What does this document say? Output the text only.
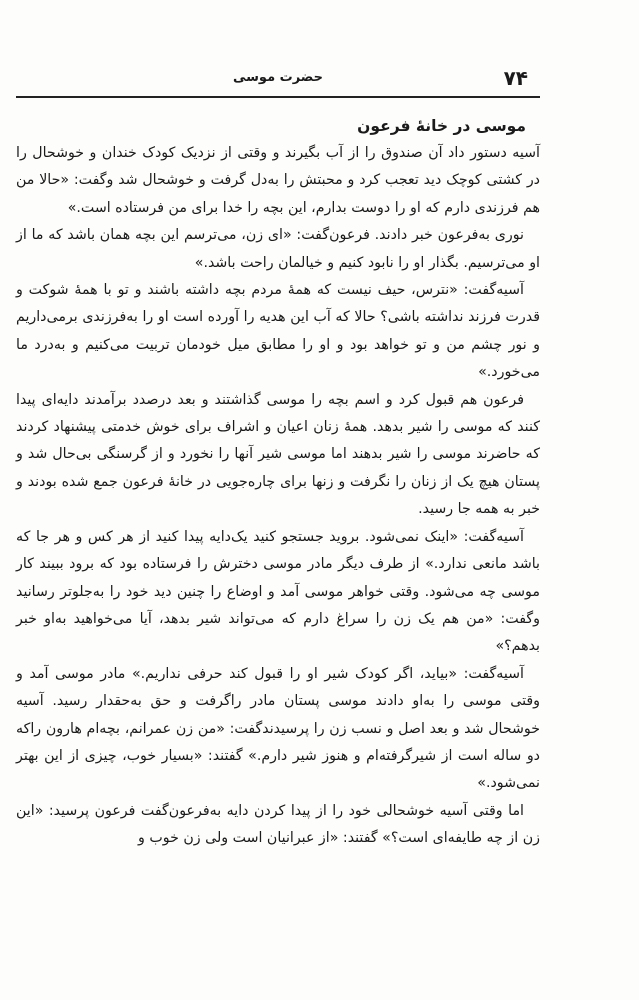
۷۴
حضرت موسی
موسی در خانهٔ فرعون

آسیه دستور داد آن صندوق را از آب بگیرند و وقتی از نزدیک کودک خندان و خوشحال را در کشتی کوچک دید تعجب کرد و محبتش را به‌دل گرفت و خوشحال شد وگفت: «حالا من هم فرزندی دارم که او را دوست بدارم، این بچه را خدا برای من فرستاده است.»

نوری به‌فرعون خبر دادند. فرعون‌گفت: «ای زن، می‌ترسم این بچه همان باشد که ما از او می‌ترسیم. بگذار او را نابود کنیم و خیالمان راحت باشد.»

آسیه‌گفت: «نترس، حیف نیست که همهٔ مردم بچه داشته باشند و تو با همهٔ شوکت و قدرت فرزند نداشته باشی؟ حالا که آب این هدیه را آورده است او را به‌فرزندی برمی‌داریم و نور چشم من و تو خواهد بود و او را مطابق میل خودمان تربیت می‌کنیم و به‌درد ما می‌خورد.»

فرعون هم قبول کرد و اسم بچه را موسی گذاشتند و بعد درصدد برآمدند دایه‌ای پیدا کنند که موسی را شیر بدهد. همهٔ زنان اعیان و اشراف برای خوش خدمتی پیشنهاد کردند که حاضرند موسی را شیر بدهند اما موسی شیر آنها را نخورد و از گرسنگی بی‌حال شد و پستان هیچ یک از زنان را نگرفت و زنها برای چاره‌جویی در خانهٔ فرعون جمع شده بودند و خبر به همه جا رسید.

آسیه‌گفت: «اینک نمی‌شود. بروید جستجو کنید یک‌دایه پیدا کنید از هر کس و هر جا که باشد مانعی ندارد.» از طرف دیگر مادر موسی دخترش را فرستاده بود که برود ببیند کار موسی چه می‌شود. وقتی خواهر موسی آمد و اوضاع را چنین دید خود را به‌جلوتر رسانید وگفت: «من هم یک زن را سراغ دارم که می‌تواند شیر بدهد، آیا می‌خواهید به‌او خبر بدهم؟»

آسیه‌گفت: «بیاید، اگر کودک شیر او را قبول کند حرفی نداریم.» مادر موسی آمد و وقتی موسی را به‌او دادند موسی پستان مادر راگرفت و حق به‌حقدار رسید. آسیه خوشحال شد و بعد اصل و نسب زن را پرسیدندگفت: «من زن عمرانم، بچه‌ام هارون راکه دو ساله است از شیرگرفته‌ام و هنوز شیر دارم.» گفتند: «بسیار خوب، چیزی از این بهتر نمی‌شود.»

اما وقتی آسیه خوشحالی خود را از پیدا کردن دایه به‌فرعون‌گفت فرعون پرسید: «این زن از چه طایفه‌ای است؟» گفتند: «از عبرانیان است ولی زن خوب و
